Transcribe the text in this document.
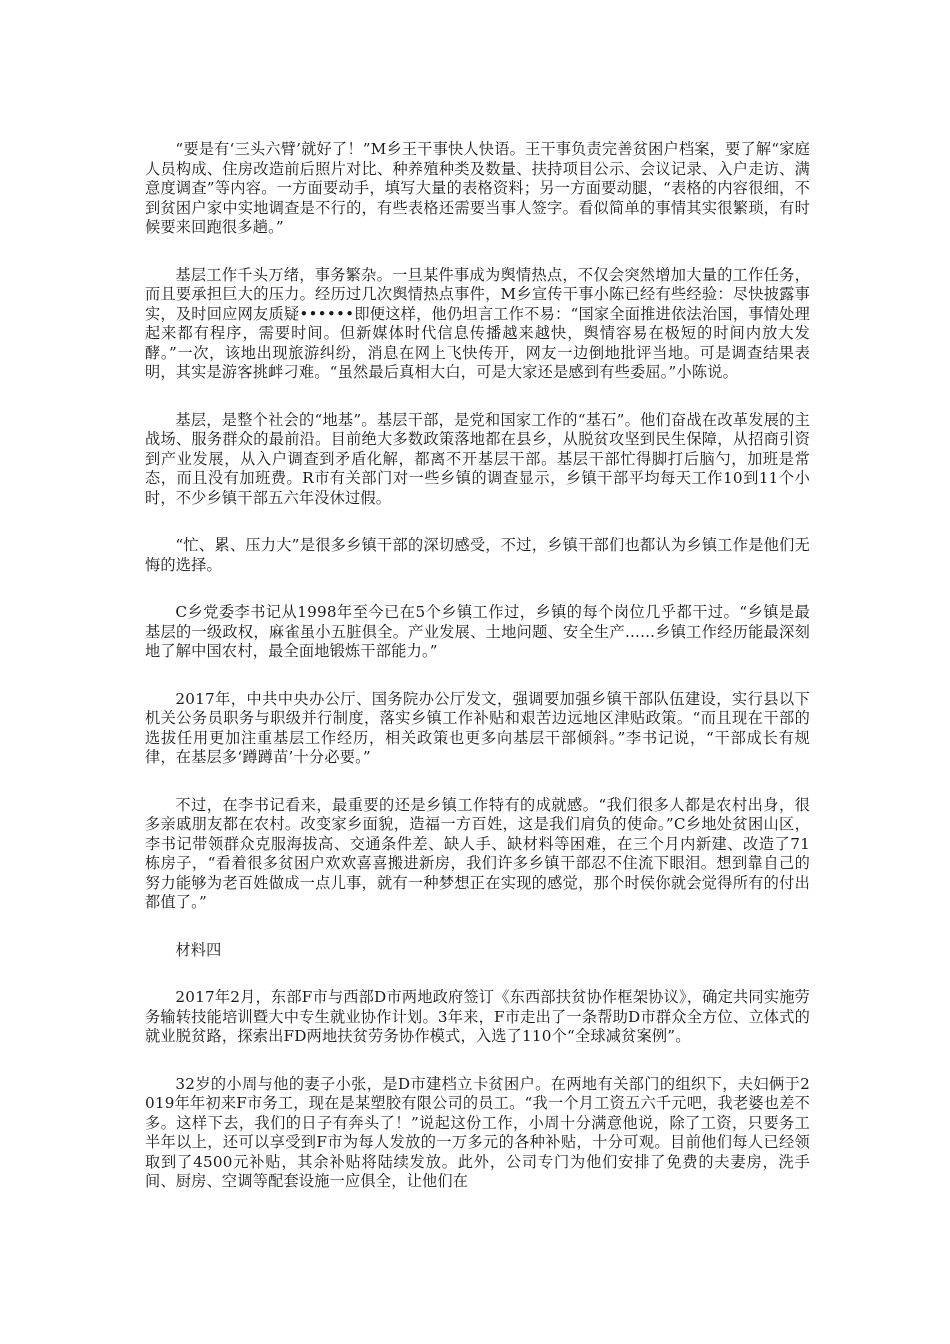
“要是有‘三头六臂’就好了！”M乡王干事快人快语。王干事负责完善贫困户档案，要了解“家庭人员构成、住房改造前后照片对比、种养殖种类及数量、扶持项目公示、会议记录、入户走访、满意度调查”等内容。一方面要动手，填写大量的表格资料；另一方面要动腿，“表格的内容很细，不到贫困户家中实地调查是不行的，有些表格还需要当事人签字。看似简单的事情其实很繁琐，有时候要来回跑很多趟。”

基层工作千头万绪，事务繁杂。一旦某件事成为舆情热点，不仅会突然增加大量的工作任务，而且要承担巨大的压力。经历过几次舆情热点事件，M乡宣传干事小陈已经有些经验：尽快披露事实，及时回应网友质疑••••••即便这样，他仍坦言工作不易：“国家全面推进依法治国，事情处理起来都有程序，需要时间。但新媒体时代信息传播越来越快，舆情容易在极短的时间内放大发酵。”一次，该地出现旅游纠纷，消息在网上飞快传开，网友一边倒地批评当地。可是调查结果表明，其实是游客挑衅刁难。“虽然最后真相大白，可是大家还是感到有些委屈。”小陈说。

基层，是整个社会的“地基”。基层干部，是党和国家工作的“基石”。他们奋战在改革发展的主战场、服务群众的最前沿。目前绝大多数政策落地都在县乡，从脱贫攻坚到民生保障，从招商引资到产业发展，从入户调查到矛盾化解，都离不开基层干部。基层干部忙得脚打后脑勺，加班是常态，而且没有加班费。R市有关部门对一些乡镇的调查显示，乡镇干部平均每天工作10到11个小时，不少乡镇干部五六年没休过假。

“忙、累、压力大”是很多乡镇干部的深切感受，不过，乡镇干部们也都认为乡镇工作是他们无悔的选择。

C乡党委李书记从1998年至今已在5个乡镇工作过，乡镇的每个岗位几乎都干过。“乡镇是最基层的一级政权，麻雀虽小五脏俱全。产业发展、土地问题、安全生产......乡镇工作经历能最深刻地了解中国农村，最全面地锻炼干部能力。”

2017年，中共中央办公厅、国务院办公厅发文，强调要加强乡镇干部队伍建设，实行县以下机关公务员职务与职级并行制度，落实乡镇工作补贴和艰苦边远地区津贴政策。“而且现在干部的选拔任用更加注重基层工作经历，相关政策也更多向基层干部倾斜。”李书记说，“干部成长有规律，在基层多‘蹲蹲苗’十分必要。”

不过，在李书记看来，最重要的还是乡镇工作特有的成就感。“我们很多人都是农村出身，很多亲戚朋友都在农村。改变家乡面貌，造福一方百姓，这是我们肩负的使命。”C乡地处贫困山区，李书记带领群众克服海拔高、交通条件差、缺人手、缺材料等困难，在三个月内新建、改造了71栋房子，“看着很多贫困户欢欢喜喜搬进新房，我们许多乡镇干部忍不住流下眼泪。想到靠自己的努力能够为老百姓做成一点儿事，就有一种梦想正在实现的感觉，那个时侯你就会觉得所有的付出都值了。”

材料四

2017年2月，东部F市与西部D市两地政府签订《东西部扶贫协作框架协议》，确定共同实施劳务输转技能培训暨大中专生就业协作计划。3年来，F市走出了一条帮助D市群众全方位、立体式的就业脱贫路，探索出FD两地扶贫劳务协作模式，入选了110个“全球减贫案例”。

32岁的小周与他的妻子小张，是D市建档立卡贫困户。在两地有关部门的组织下，夫妇俩于2019年年初来F市务工，现在是某塑胶有限公司的员工。“我一个月工资五六千元吧，我老婆也差不多。这样下去，我们的日子有奔头了！”说起这份工作，小周十分满意他说，除了工资，只要务工半年以上，还可以享受到F市为每人发放的一万多元的各种补贴，十分可观。目前他们每人已经领取到了4500元补贴，其余补贴将陆续发放。此外，公司专门为他们安排了免费的夫妻房，洗手间、厨房、空调等配套设施一应俱全，让他们在
